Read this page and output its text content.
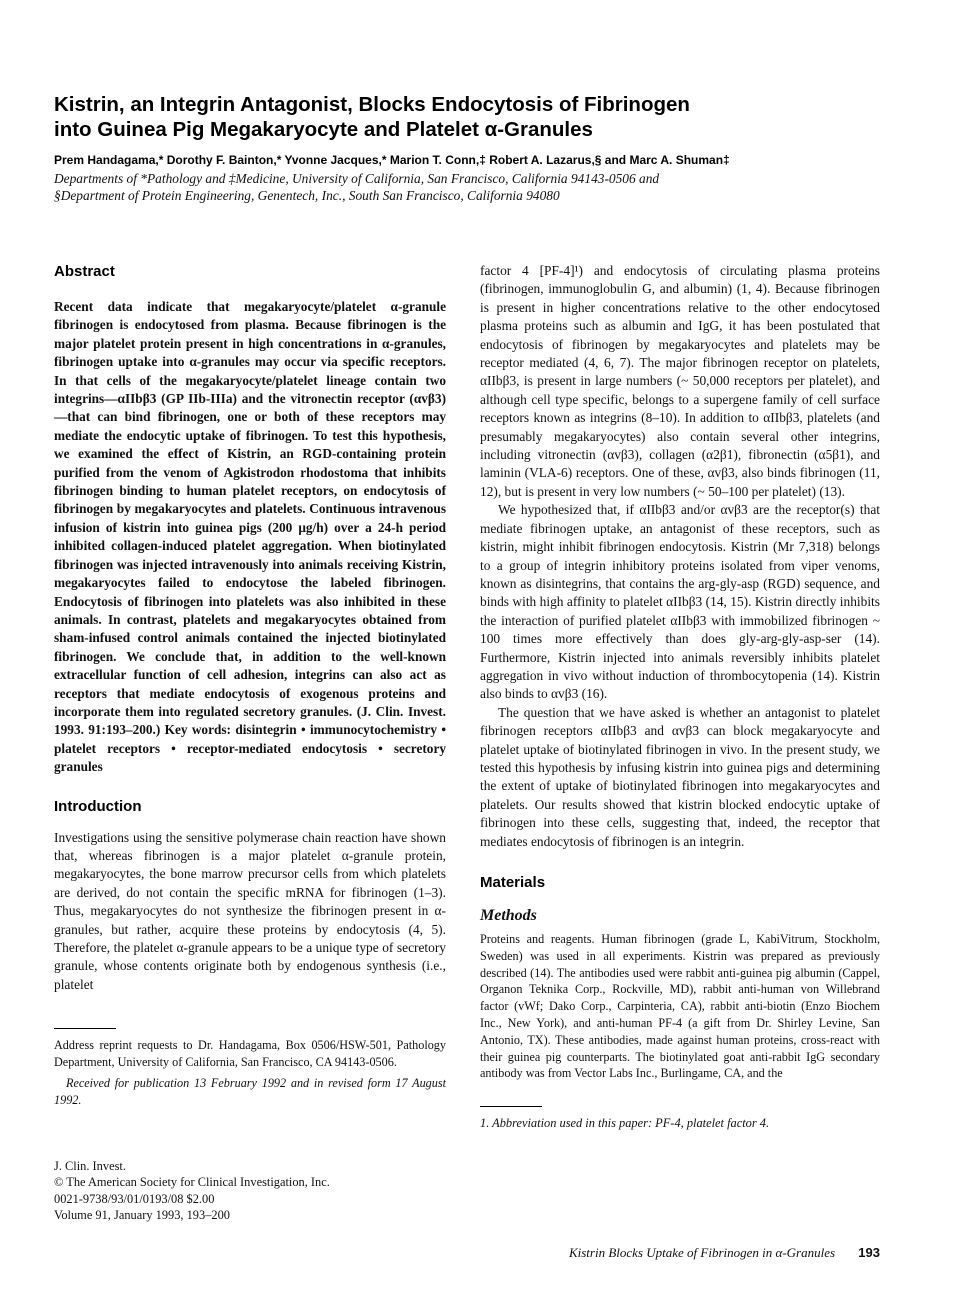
Kistrin, an Integrin Antagonist, Blocks Endocytosis of Fibrinogen
into Guinea Pig Megakaryocyte and Platelet α-Granules
Prem Handagama,* Dorothy F. Bainton,* Yvonne Jacques,* Marion T. Conn,‡ Robert A. Lazarus,§ and Marc A. Shuman‡
Departments of *Pathology and ‡Medicine, University of California, San Francisco, California 94143-0506 and
§Department of Protein Engineering, Genentech, Inc., South San Francisco, California 94080
Abstract

Recent data indicate that megakaryocyte/platelet α-granule fibrinogen is endocytosed from plasma. Because fibrinogen is the major platelet protein present in high concentrations in α-granules, fibrinogen uptake into α-granules may occur via specific receptors. In that cells of the megakaryocyte/platelet lineage contain two integrins—αIIbβ3 (GP IIb-IIIa) and the vitronectin receptor (αvβ3)—that can bind fibrinogen, one or both of these receptors may mediate the endocytic uptake of fibrinogen. To test this hypothesis, we examined the effect of Kistrin, an RGD-containing protein purified from the venom of Agkistrodon rhodostoma that inhibits fibrinogen binding to human platelet receptors, on endocytosis of fibrinogen by megakaryocytes and platelets. Continuous intravenous infusion of kistrin into guinea pigs (200 μg/h) over a 24-h period inhibited collagen-induced platelet aggregation. When biotinylated fibrinogen was injected intravenously into animals receiving Kistrin, megakaryocytes failed to endocytose the labeled fibrinogen. Endocytosis of fibrinogen into platelets was also inhibited in these animals. In contrast, platelets and megakaryocytes obtained from sham-infused control animals contained the injected biotinylated fibrinogen. We conclude that, in addition to the well-known extracellular function of cell adhesion, integrins can also act as receptors that mediate endocytosis of exogenous proteins and incorporate them into regulated secretory granules. (J. Clin. Invest. 1993. 91:193–200.) Key words: disintegrin • immunocytochemistry • platelet receptors • receptor-mediated endocytosis • secretory granules

Introduction

Investigations using the sensitive polymerase chain reaction have shown that, whereas fibrinogen is a major platelet α-granule protein, megakaryocytes, the bone marrow precursor cells from which platelets are derived, do not contain the specific mRNA for fibrinogen (1–3). Thus, megakaryocytes do not synthesize the fibrinogen present in α-granules, but rather, acquire these proteins by endocytosis (4, 5). Therefore, the platelet α-granule appears to be a unique type of secretory granule, whose contents originate both by endogenous synthesis (i.e., platelet

Address reprint requests to Dr. Handagama, Box 0506/HSW-501, Pathology Department, University of California, San Francisco, CA 94143-0506.

Received for publication 13 February 1992 and in revised form 17 August 1992.

J. Clin. Invest.
© The American Society for Clinical Investigation, Inc.
0021-9738/93/01/0193/08 $2.00
Volume 91, January 1993, 193–200

factor 4 [PF-4]¹) and endocytosis of circulating plasma proteins (fibrinogen, immunoglobulin G, and albumin) (1, 4). Because fibrinogen is present in higher concentrations relative to the other endocytosed plasma proteins such as albumin and IgG, it has been postulated that endocytosis of fibrinogen by megakaryocytes and platelets may be receptor mediated (4, 6, 7). The major fibrinogen receptor on platelets, αIIbβ3, is present in large numbers (~ 50,000 receptors per platelet), and although cell type specific, belongs to a supergene family of cell surface receptors known as integrins (8–10). In addition to αIIbβ3, platelets (and presumably megakaryocytes) also contain several other integrins, including vitronectin (αvβ3), collagen (α2β1), fibronectin (α5β1), and laminin (VLA-6) receptors. One of these, αvβ3, also binds fibrinogen (11, 12), but is present in very low numbers (~ 50–100 per platelet) (13).

We hypothesized that, if αIIbβ3 and/or αvβ3 are the receptor(s) that mediate fibrinogen uptake, an antagonist of these receptors, such as kistrin, might inhibit fibrinogen endocytosis. Kistrin (Mr 7,318) belongs to a group of integrin inhibitory proteins isolated from viper venoms, known as disintegrins, that contains the arg-gly-asp (RGD) sequence, and binds with high affinity to platelet αIIbβ3 (14, 15). Kistrin directly inhibits the interaction of purified platelet αIIbβ3 with immobilized fibrinogen ~ 100 times more effectively than does gly-arg-gly-asp-ser (14). Furthermore, Kistrin injected into animals reversibly inhibits platelet aggregation in vivo without induction of thrombocytopenia (14). Kistrin also binds to αvβ3 (16).

The question that we have asked is whether an antagonist to platelet fibrinogen receptors αIIbβ3 and αvβ3 can block megakaryocyte and platelet uptake of biotinylated fibrinogen in vivo. In the present study, we tested this hypothesis by infusing kistrin into guinea pigs and determining the extent of uptake of biotinylated fibrinogen into megakaryocytes and platelets. Our results showed that kistrin blocked endocytic uptake of fibrinogen into these cells, suggesting that, indeed, the receptor that mediates endocytosis of fibrinogen is an integrin.

Materials
Methods

Proteins and reagents. Human fibrinogen (grade L, KabiVitrum, Stockholm, Sweden) was used in all experiments. Kistrin was prepared as previously described (14). The antibodies used were rabbit anti-guinea pig albumin (Cappel, Organon Teknika Corp., Rockville, MD), rabbit anti-human von Willebrand factor (vWf; Dako Corp., Carpinteria, CA), rabbit anti-biotin (Enzo Biochem Inc., New York), and anti-human PF-4 (a gift from Dr. Shirley Levine, San Antonio, TX). These antibodies, made against human proteins, cross-react with their guinea pig counterparts. The biotinylated goat anti-rabbit IgG secondary antibody was from Vector Labs Inc., Burlingame, CA, and the

1. Abbreviation used in this paper: PF-4, platelet factor 4.

Kistrin Blocks Uptake of Fibrinogen in α-Granules 193
